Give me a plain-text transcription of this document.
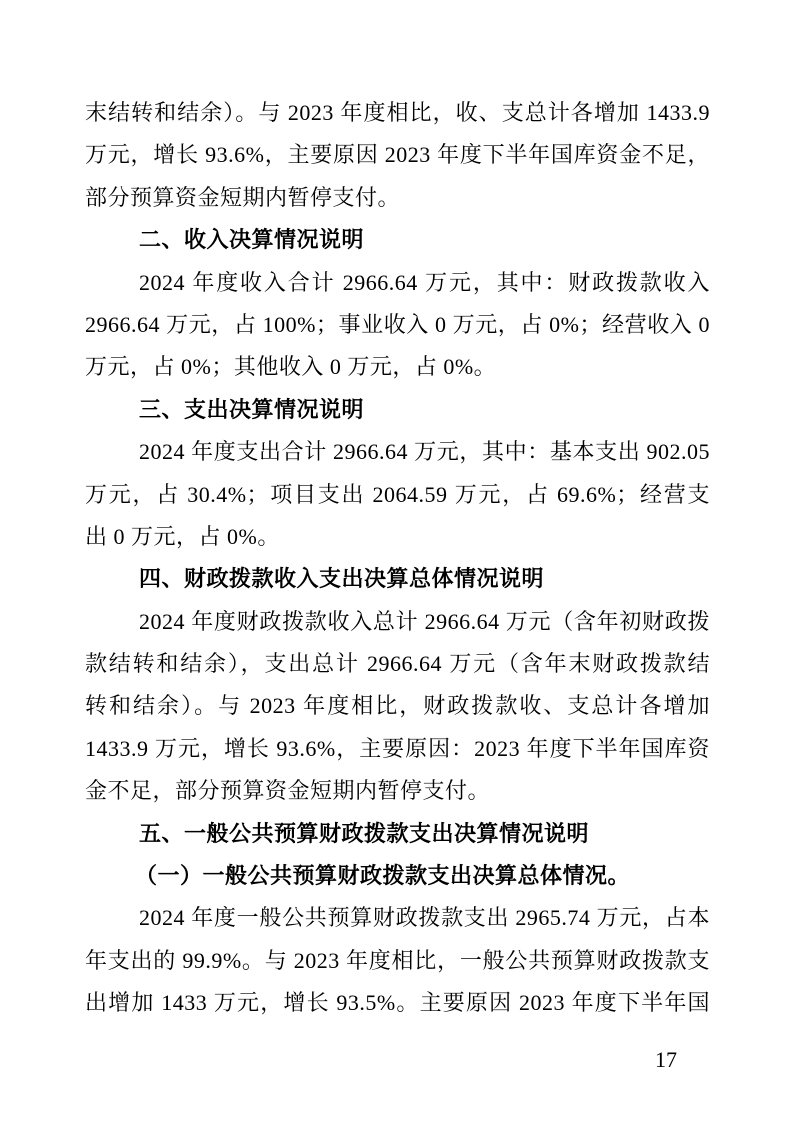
末结转和结余）。与 2023 年度相比，收、支总计各增加 1433.9
万元，增长 93.6%，主要原因 2023 年度下半年国库资金不足，
部分预算资金短期内暂停支付。
二、收入决算情况说明
2024 年度收入合计 2966.64 万元，其中：财政拨款收入
2966.64 万元，占 100%；事业收入 0 万元，占 0%；经营收入 0
万元，占 0%；其他收入 0 万元，占 0%。
三、支出决算情况说明
2024 年度支出合计 2966.64 万元，其中：基本支出 902.05
万元，占 30.4%；项目支出 2064.59 万元，占 69.6%；经营支
出 0 万元，占 0%。
四、财政拨款收入支出决算总体情况说明
2024 年度财政拨款收入总计 2966.64 万元（含年初财政拨
款结转和结余），支出总计 2966.64 万元（含年末财政拨款结
转和结余）。与 2023 年度相比，财政拨款收、支总计各增加
1433.9 万元，增长 93.6%，主要原因：2023 年度下半年国库资
金不足，部分预算资金短期内暂停支付。
五、一般公共预算财政拨款支出决算情况说明
（一）一般公共预算财政拨款支出决算总体情况。
2024 年度一般公共预算财政拨款支出 2965.74 万元，占本
年支出的 99.9%。与 2023 年度相比，一般公共预算财政拨款支
出增加 1433 万元，增长 93.5%。主要原因 2023 年度下半年国
17
